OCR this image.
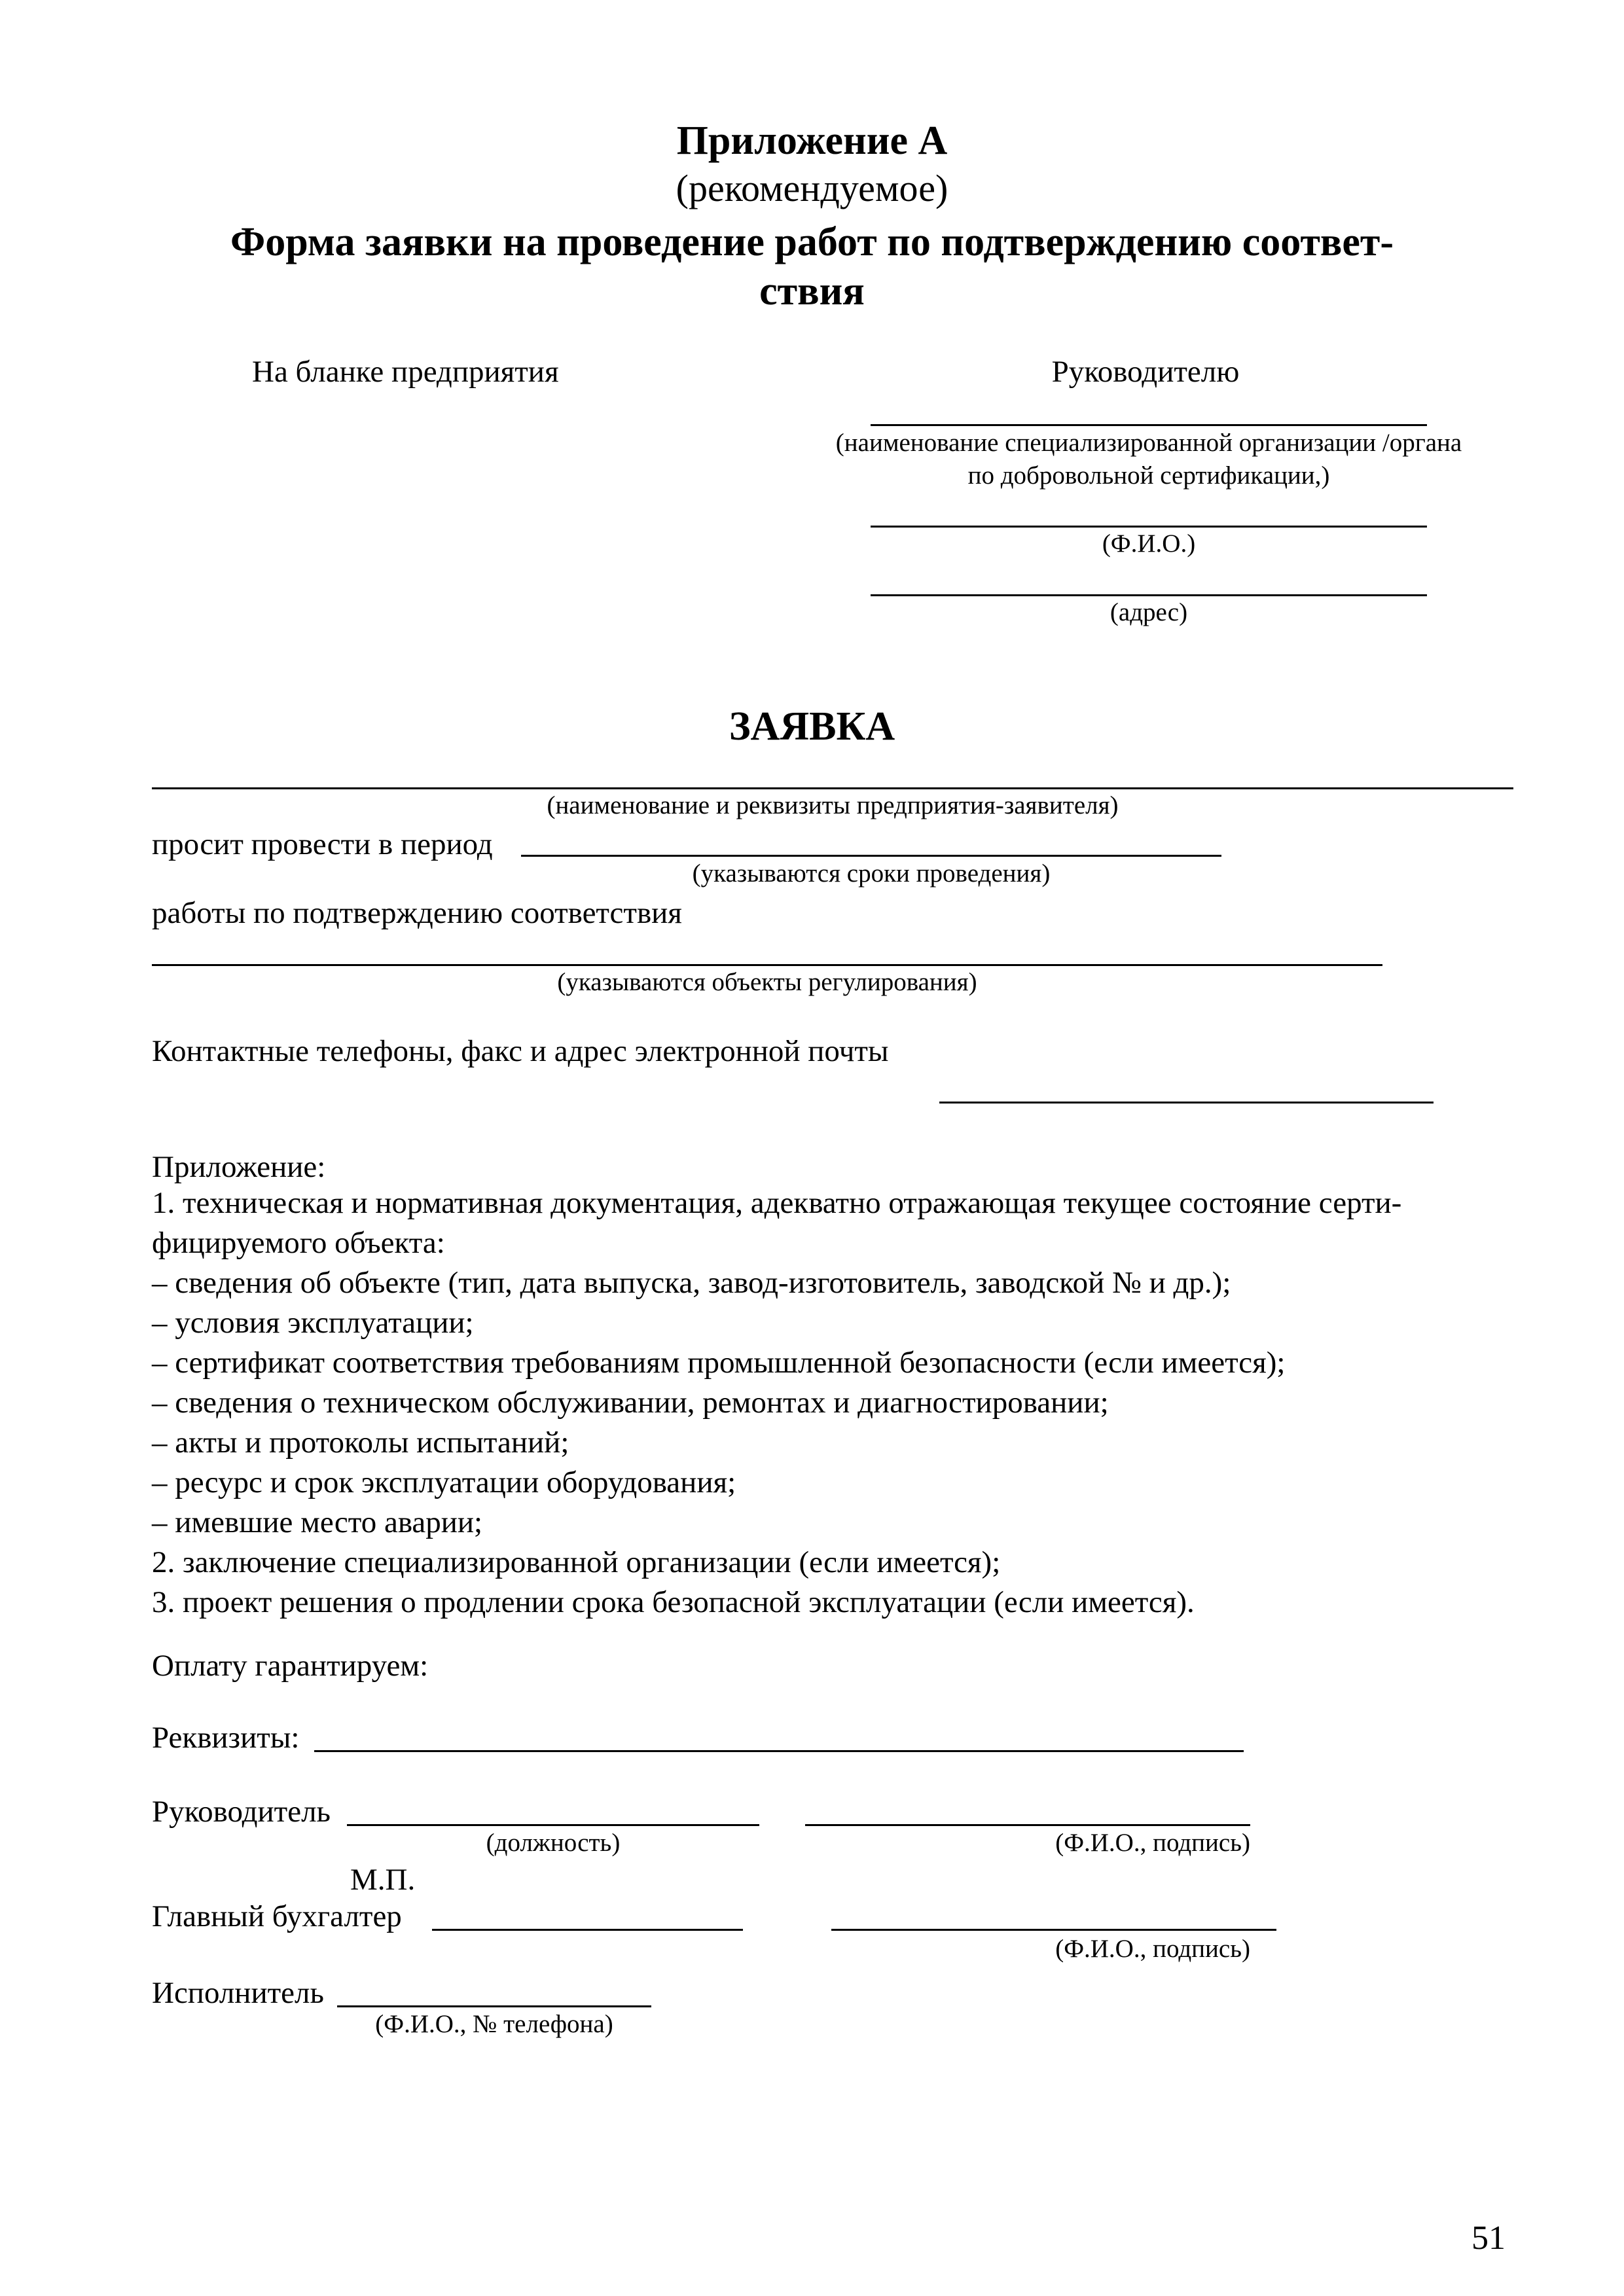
Приложение А
(рекомендуемое)
Форма заявки на проведение работ по подтверждению соответ-
ствия
На бланке предприятия	Руководителю
(наименование специализированной организации /органа
по добровольной сертификации,)
(Ф.И.О.)
(адрес)
ЗАЯВКА
(наименование и реквизиты предприятия-заявителя)
просит провести в период
(указываются сроки проведения)
работы по подтверждению соответствия
(указываются объекты регулирования)
Контактные телефоны, факс и адрес электронной почты
Приложение:
1. техническая и нормативная документация, адекватно отражающая текущее состояние серти-
фицируемого объекта:
– сведения об объекте (тип, дата выпуска, завод-изготовитель, заводской № и др.);
– условия эксплуатации;
– сертификат соответствия требованиям промышленной безопасности (если имеется);
– сведения о техническом обслуживании, ремонтах и диагностировании;
– акты и протоколы испытаний;
– ресурс и срок эксплуатации оборудования;
– имевшие место аварии;
2. заключение специализированной организации (если имеется);
3. проект решения о продлении срока безопасной эксплуатации (если имеется).
Оплату гарантируем:
Реквизиты:
Руководитель
(должность)	(Ф.И.О., подпись)
М.П.
Главный бухгалтер
(Ф.И.О., подпись)
Исполнитель
(Ф.И.О., № телефона)
51
